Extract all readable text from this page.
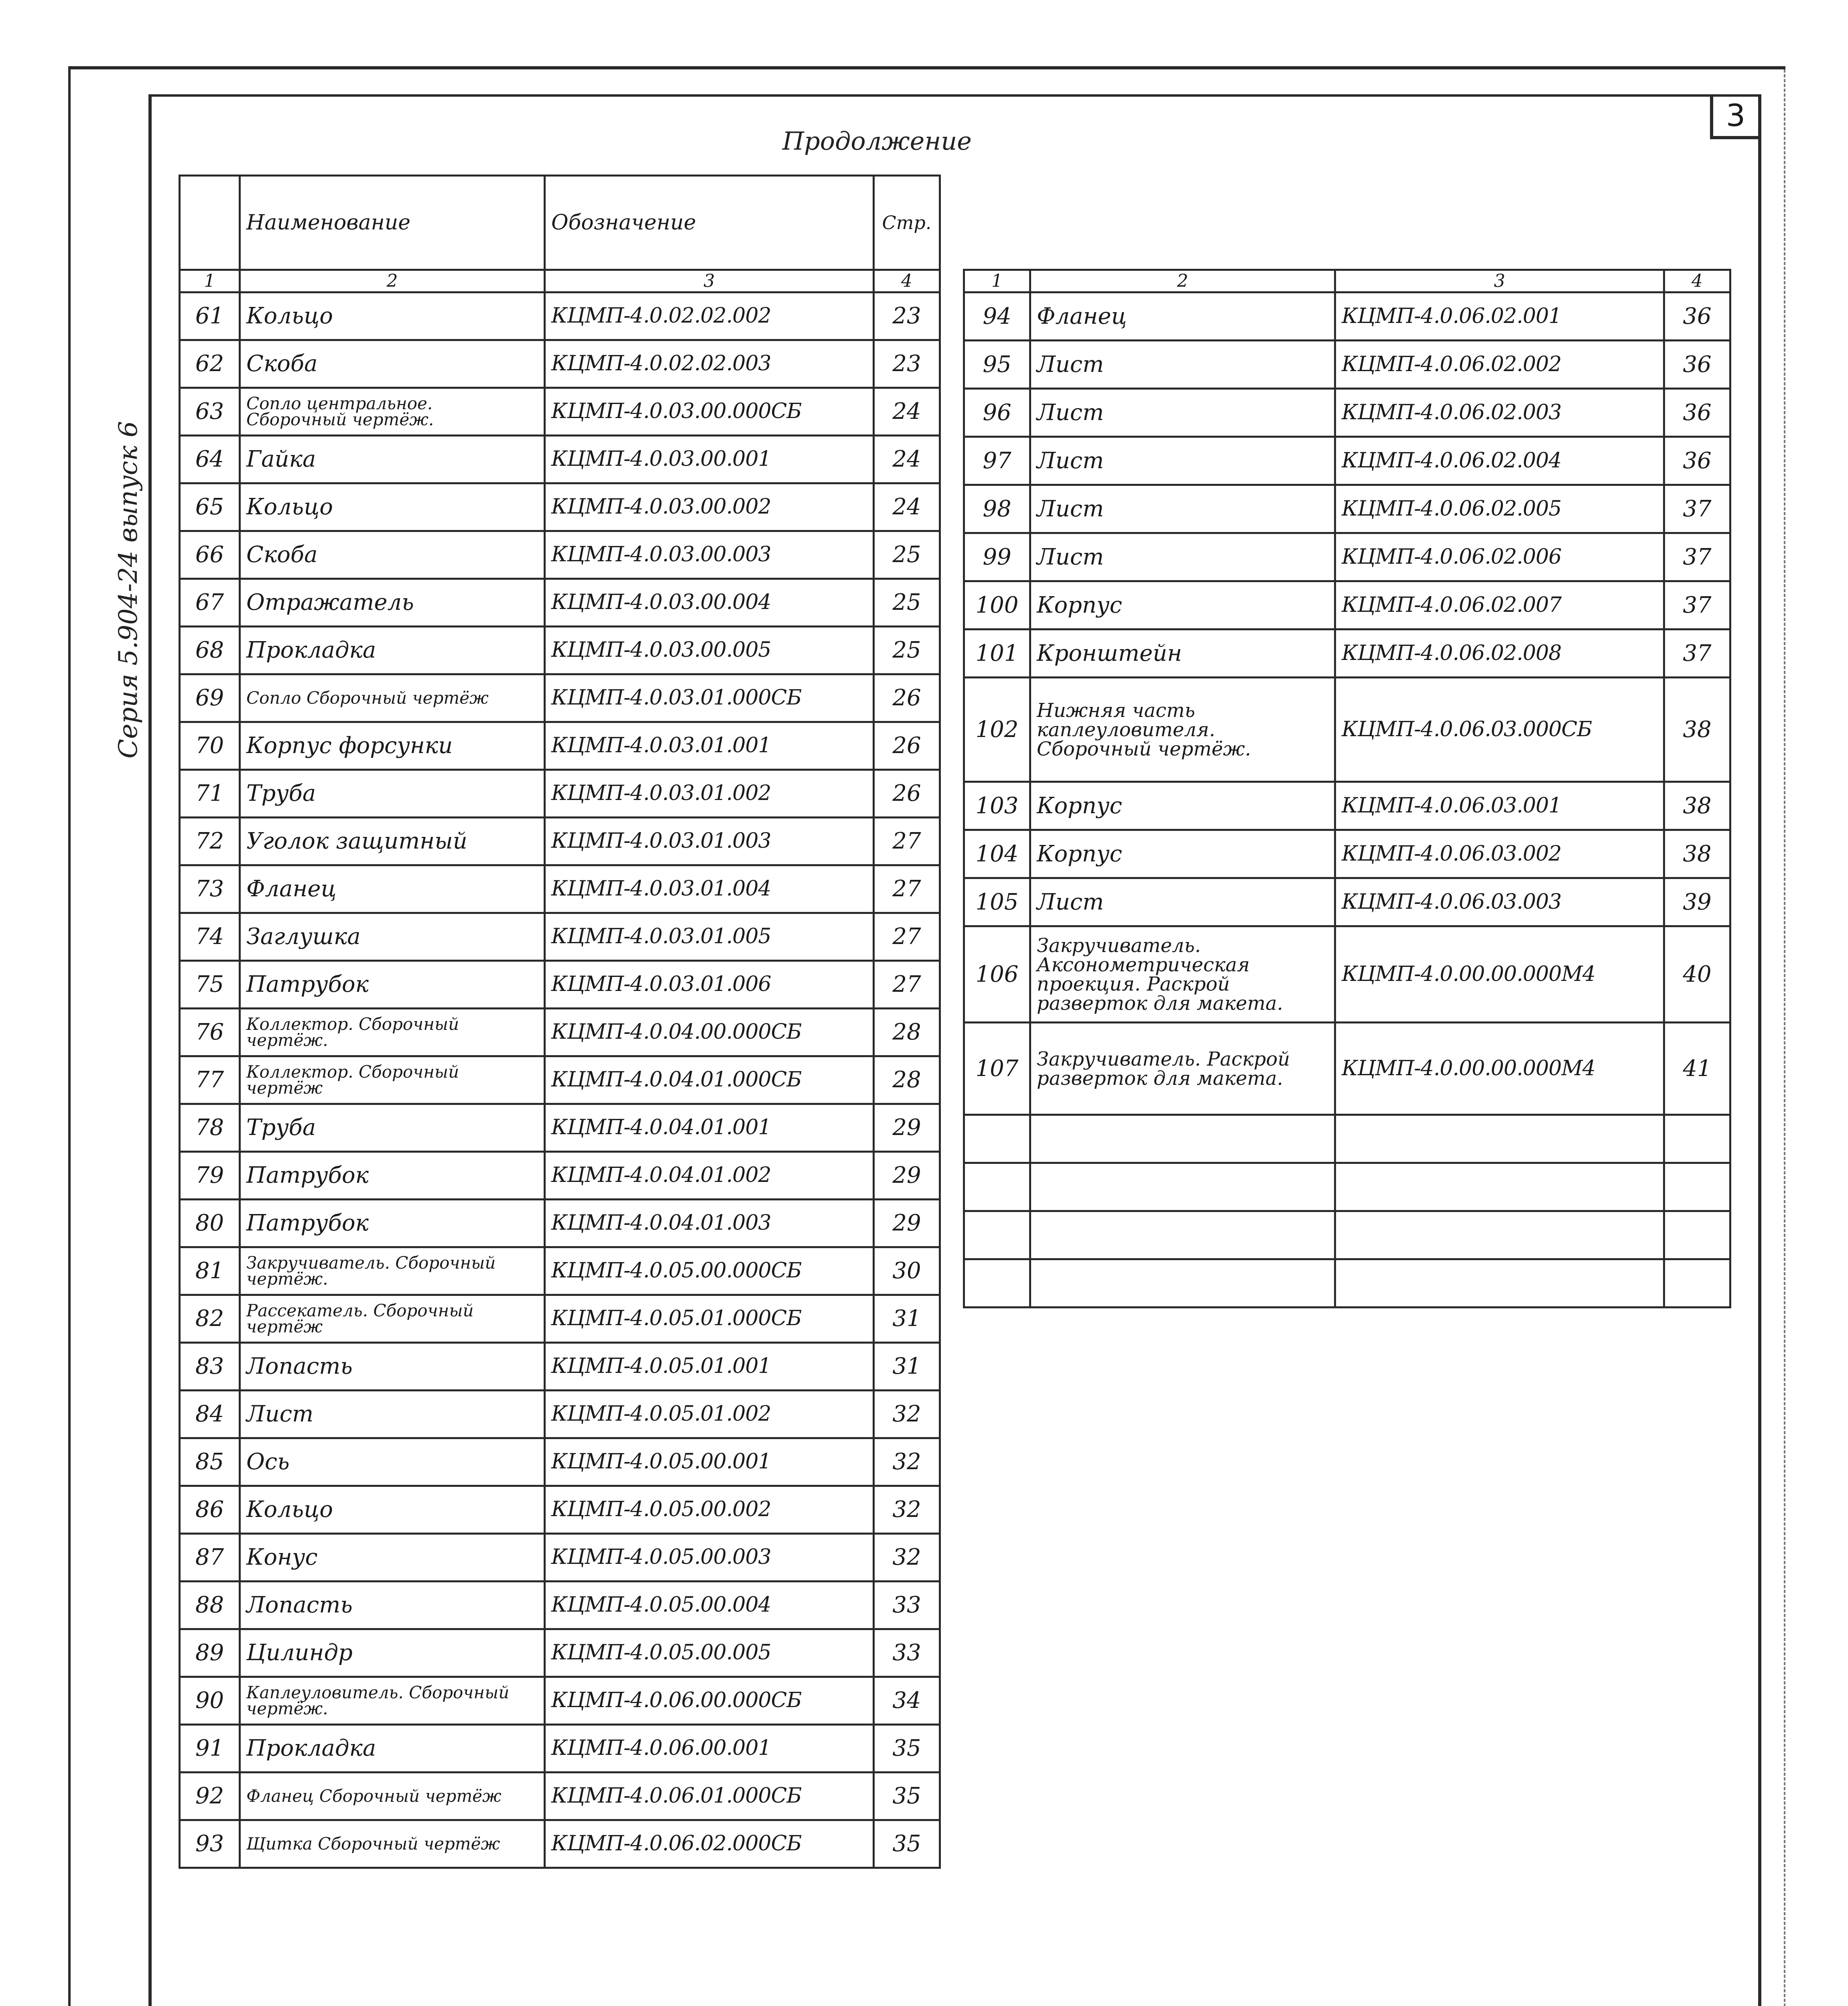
3
Серия 5.904-24 выпуск 6
Продолжение
	Наименование	Обозначение	Стр.
1	2	3	4
61	Кольцо	КЦМП-4.0.02.02.002	23
62	Скоба	КЦМП-4.0.02.02.003	23
63	Сопло центральное. Сборочный чертёж.	КЦМП-4.0.03.00.000СБ	24
64	Гайка	КЦМП-4.0.03.00.001	24
65	Кольцо	КЦМП-4.0.03.00.002	24
66	Скоба	КЦМП-4.0.03.00.003	25
67	Отражатель	КЦМП-4.0.03.00.004	25
68	Прокладка	КЦМП-4.0.03.00.005	25
69	Сопло Сборочный чертёж	КЦМП-4.0.03.01.000СБ	26
70	Корпус форсунки	КЦМП-4.0.03.01.001	26
71	Труба	КЦМП-4.0.03.01.002	26
72	Уголок защитный	КЦМП-4.0.03.01.003	27
73	Фланец	КЦМП-4.0.03.01.004	27
74	Заглушка	КЦМП-4.0.03.01.005	27
75	Патрубок	КЦМП-4.0.03.01.006	27
76	Коллектор. Сборочный чертёж.	КЦМП-4.0.04.00.000СБ	28
77	Коллектор. Сборочный чертёж	КЦМП-4.0.04.01.000СБ	28
78	Труба	КЦМП-4.0.04.01.001	29
79	Патрубок	КЦМП-4.0.04.01.002	29
80	Патрубок	КЦМП-4.0.04.01.003	29
81	Закручиватель. Сборочный чертёж.	КЦМП-4.0.05.00.000СБ	30
82	Рассекатель. Сборочный чертёж	КЦМП-4.0.05.01.000СБ	31
83	Лопасть	КЦМП-4.0.05.01.001	31
84	Лист	КЦМП-4.0.05.01.002	32
85	Ось	КЦМП-4.0.05.00.001	32
86	Кольцо	КЦМП-4.0.05.00.002	32
87	Конус	КЦМП-4.0.05.00.003	32
88	Лопасть	КЦМП-4.0.05.00.004	33
89	Цилиндр	КЦМП-4.0.05.00.005	33
90	Каплеуловитель. Сборочный чертёж.	КЦМП-4.0.06.00.000СБ	34
91	Прокладка	КЦМП-4.0.06.00.001	35
92	Фланец Сборочный чертёж	КЦМП-4.0.06.01.000СБ	35
93	Щитка Сборочный чертёж	КЦМП-4.0.06.02.000СБ	35
1	2	3	4
94	Фланец	КЦМП-4.0.06.02.001	36
95	Лист	КЦМП-4.0.06.02.002	36
96	Лист	КЦМП-4.0.06.02.003	36
97	Лист	КЦМП-4.0.06.02.004	36
98	Лист	КЦМП-4.0.06.02.005	37
99	Лист	КЦМП-4.0.06.02.006	37
100	Корпус	КЦМП-4.0.06.02.007	37
101	Кронштейн	КЦМП-4.0.06.02.008	37
102	Нижняя часть каплеуловителя. Сборочный чертёж.	КЦМП-4.0.06.03.000СБ	38
103	Корпус	КЦМП-4.0.06.03.001	38
104	Корпус	КЦМП-4.0.06.03.002	38
105	Лист	КЦМП-4.0.06.03.003	39
106	Закручиватель. Аксонометрическая проекция. Раскрой разверток для макета.	КЦМП-4.0.00.00.000М4	40
107	Закручиватель. Раскрой разверток для макета.	КЦМП-4.0.00.00.000М4	41
